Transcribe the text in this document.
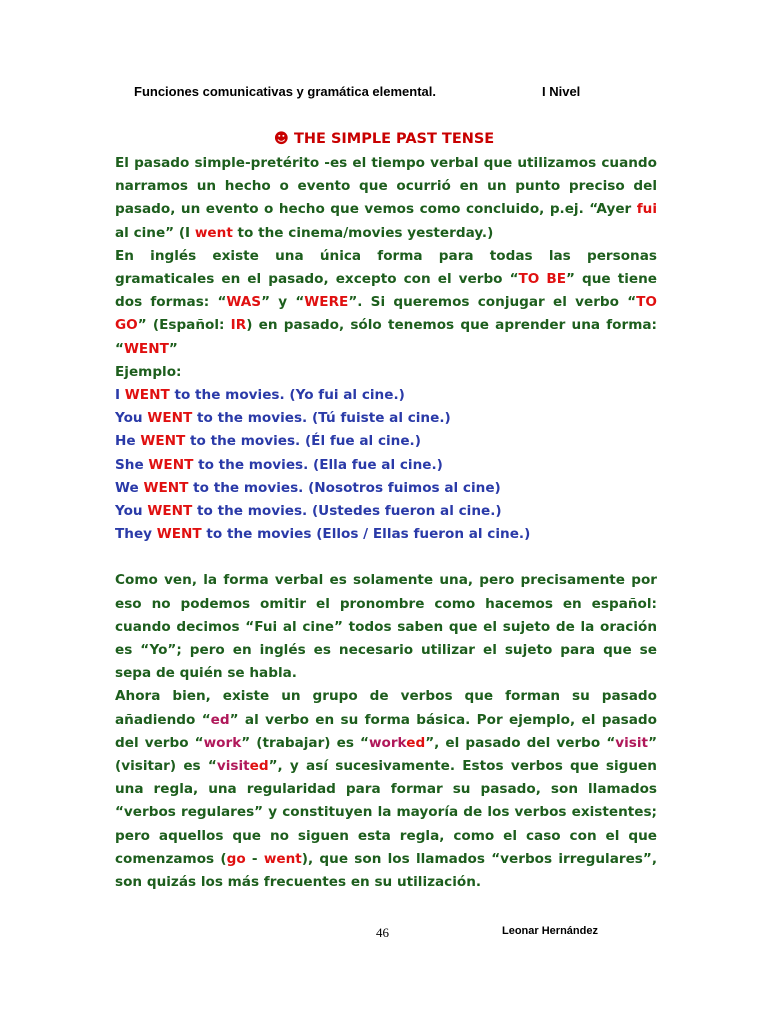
Funciones comunicativas y gramática elemental.	I Nivel
☻ THE SIMPLE PAST TENSE

El pasado simple-pretérito -es el tiempo verbal que utilizamos cuando narramos un hecho o evento que ocurrió en un punto preciso del pasado, un evento o hecho que vemos como concluido, p.ej. “Ayer fui al cine” (I went to the cinema/movies yesterday.)

En inglés existe una única forma para todas las personas gramaticales en el pasado, excepto con el verbo “TO BE” que tiene dos formas: “WAS” y “WERE”. Si queremos conjugar el verbo “TO GO” (Español: IR) en pasado, sólo tenemos que aprender una forma: “WENT”

Ejemplo:

I WENT to the movies. (Yo fui al cine.)

You WENT to the movies. (Tú fuiste al cine.)

He WENT to the movies. (Él fue al cine.)

She WENT to the movies. (Ella fue al cine.)

We WENT to the movies. (Nosotros fuimos al cine)

You WENT to the movies. (Ustedes fueron al cine.)

They WENT to the movies (Ellos / Ellas fueron al cine.)

Como ven, la forma verbal es solamente una, pero precisamente por eso no podemos omitir el pronombre como hacemos en español: cuando decimos “Fui al cine” todos saben que el sujeto de la oración es “Yo”; pero en inglés es necesario utilizar el sujeto para que se sepa de quién se habla.

Ahora bien, existe un grupo de verbos que forman su pasado añadiendo “ed” al verbo en su forma básica. Por ejemplo, el pasado del verbo “work” (trabajar) es “worked”, el pasado del verbo “visit” (visitar) es “visited”, y así sucesivamente. Estos verbos que siguen una regla, una regularidad para formar su pasado, son llamados “verbos regulares” y constituyen la mayoría de los verbos existentes; pero aquellos que no siguen esta regla, como el caso con el que comenzamos (go - went), que son los llamados “verbos irregulares”, son quizás los más frecuentes en su utilización.

46	Leonar Hernández
